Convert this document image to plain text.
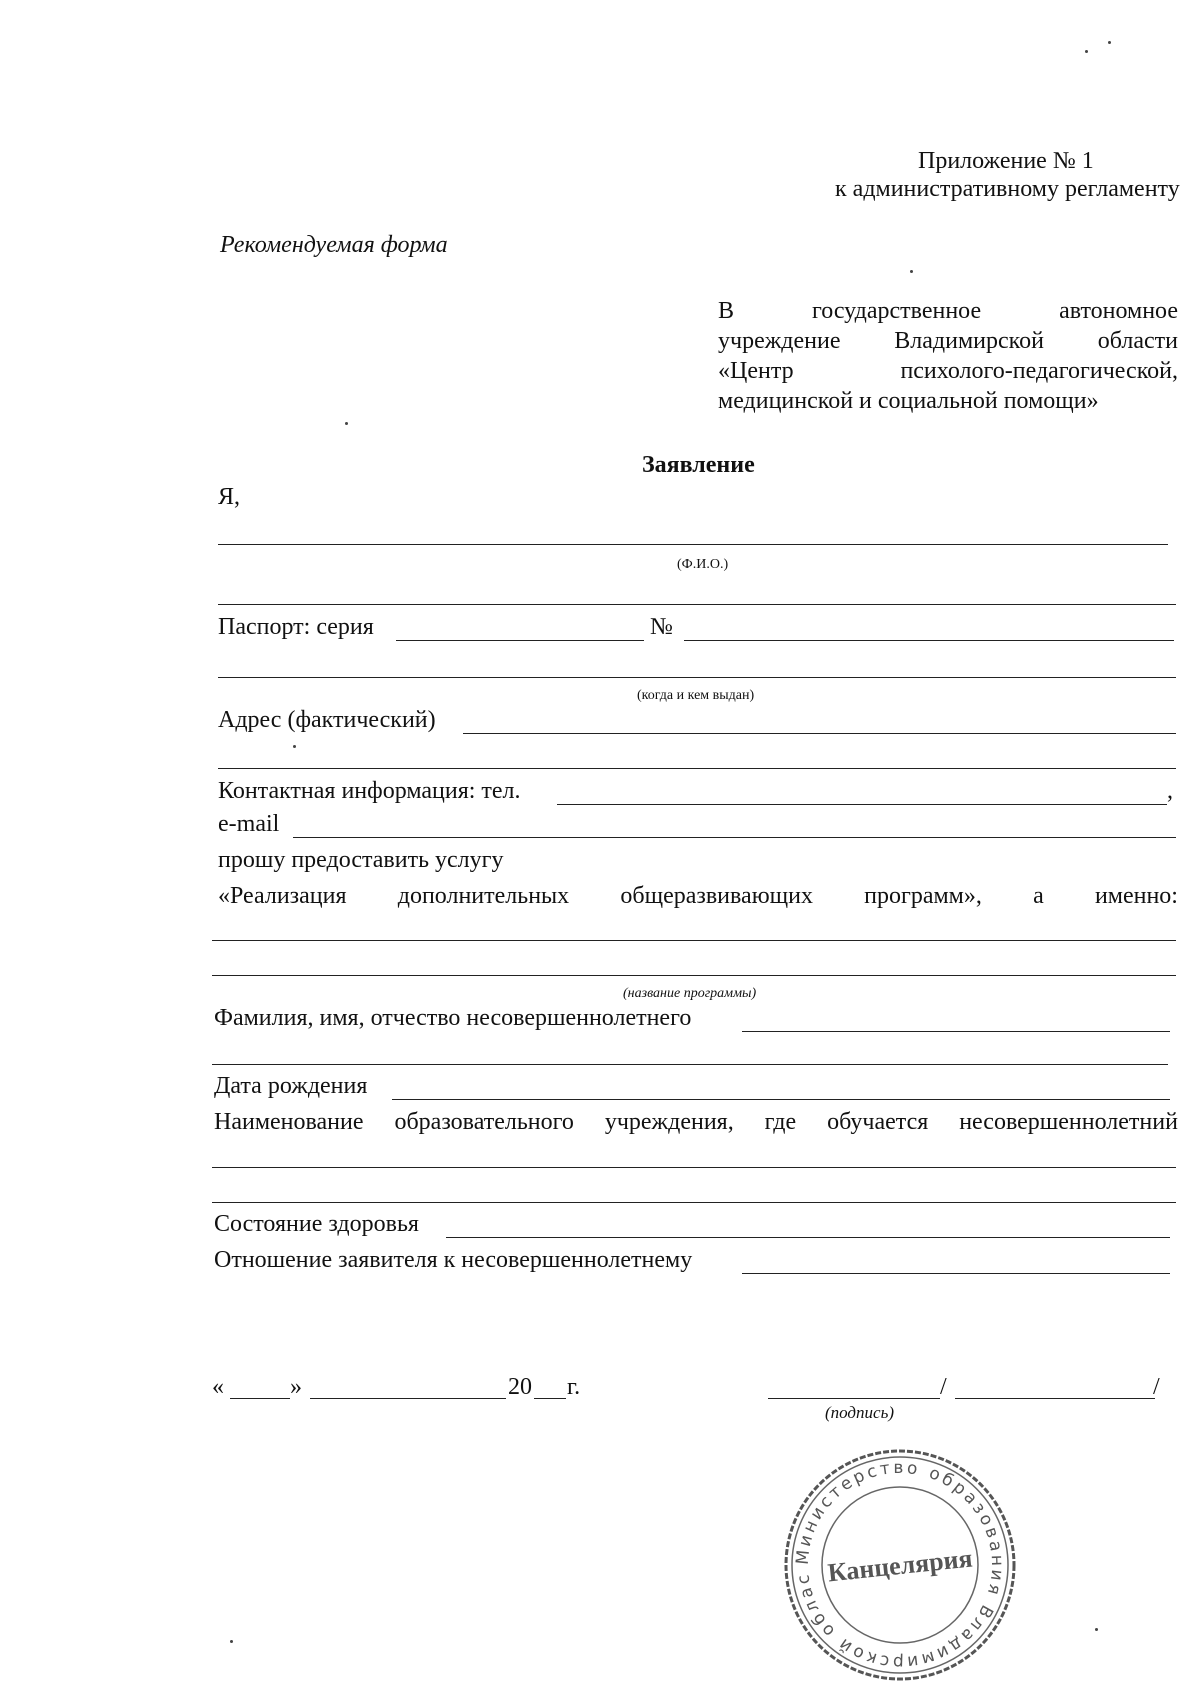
Приложение № 1
к административному регламенту
Рекомендуемая форма
В	государственное	автономное
учреждение Владимирской области
«Центр	психолого-педагогической,
медицинской и социальной помощи»
Заявление
Я,
(Ф.И.О.)
Паспорт: серия	№
(когда и кем выдан)
Адрес (фактический)
Контактная информация: тел.	,
e-mail
прошу предоставить услугу
«Реализация дополнительных общеразвивающих программ», а именно:
(название программы)
Фамилия, имя, отчество несовершеннолетнего
Дата рождения
Наименование образовательного учреждения, где обучается несовершеннолетний
Состояние здоровья
Отношение заявителя к несовершеннолетнему
«	»	20 г.	/	/
(подпись)
Министерство образования Владимирской облас Канцелярия
